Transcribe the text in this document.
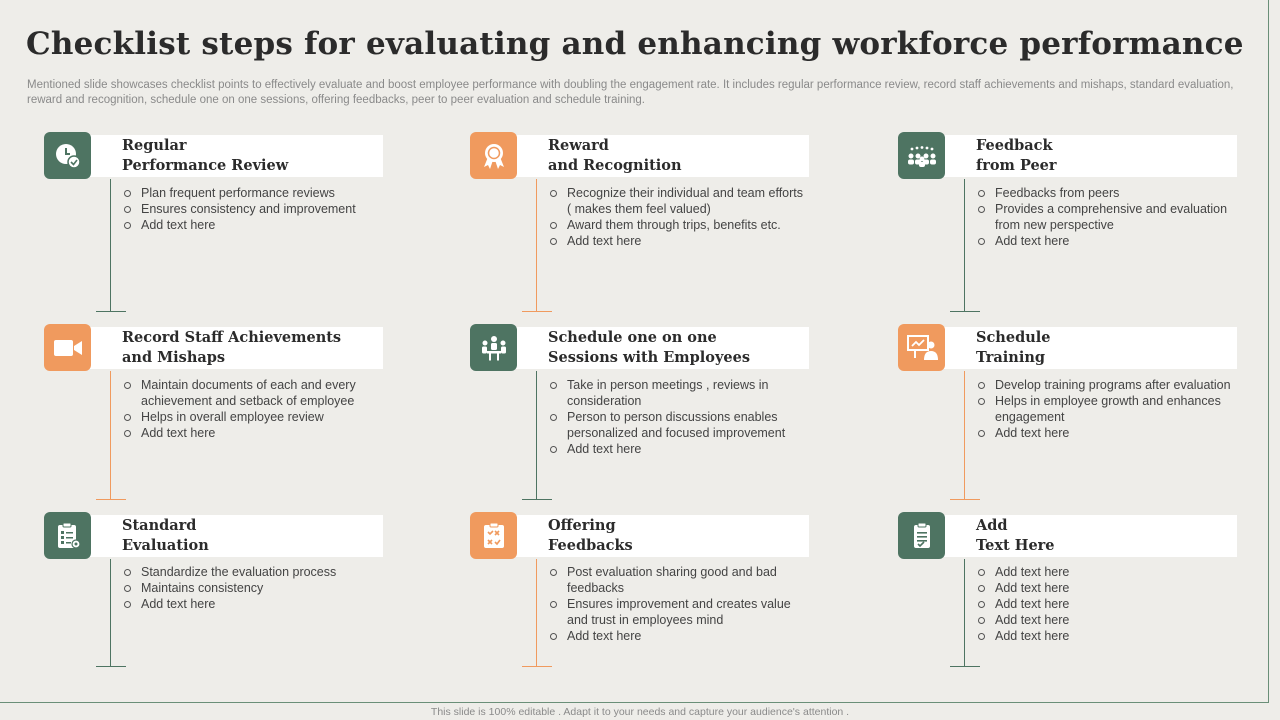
Checklist steps for evaluating and enhancing workforce performance

Mentioned slide showcases checklist points to effectively evaluate and boost employee performance with doubling the engagement rate. It includes regular performance review, record staff achievements and mishaps, standard evaluation, reward and recognition, schedule one on one sessions, offering feedbacks, peer to peer evaluation and schedule training.

Regular
Performance Review
Plan frequent performance reviews
Ensures consistency and improvement
Add text here
Reward
and Recognition
Recognize their individual and team efforts ( makes them feel valued)
Award them through trips, benefits etc.
Add text here
Feedback
from Peer
Feedbacks from peers
Provides a comprehensive and evaluation from new perspective
Add text here
Record Staff Achievements
and Mishaps
Maintain documents of each and every achievement and setback of employee
Helps in overall employee review
Add text here
Schedule one on one
Sessions with Employees
Take in person meetings , reviews in consideration
Person to person discussions enables personalized and focused improvement
Add text here
Schedule
Training
Develop training programs after evaluation
Helps in employee growth and enhances engagement
Add text here
Standard
Evaluation
Standardize the evaluation process
Maintains consistency
Add text here
Offering
Feedbacks
Post evaluation sharing good and bad feedbacks
Ensures improvement and creates value and trust in employees mind
Add text here
Add
Text Here
Add text here
Add text here
Add text here
Add text here
Add text here
This slide is 100% editable . Adapt it to your needs and capture your audience's attention .
